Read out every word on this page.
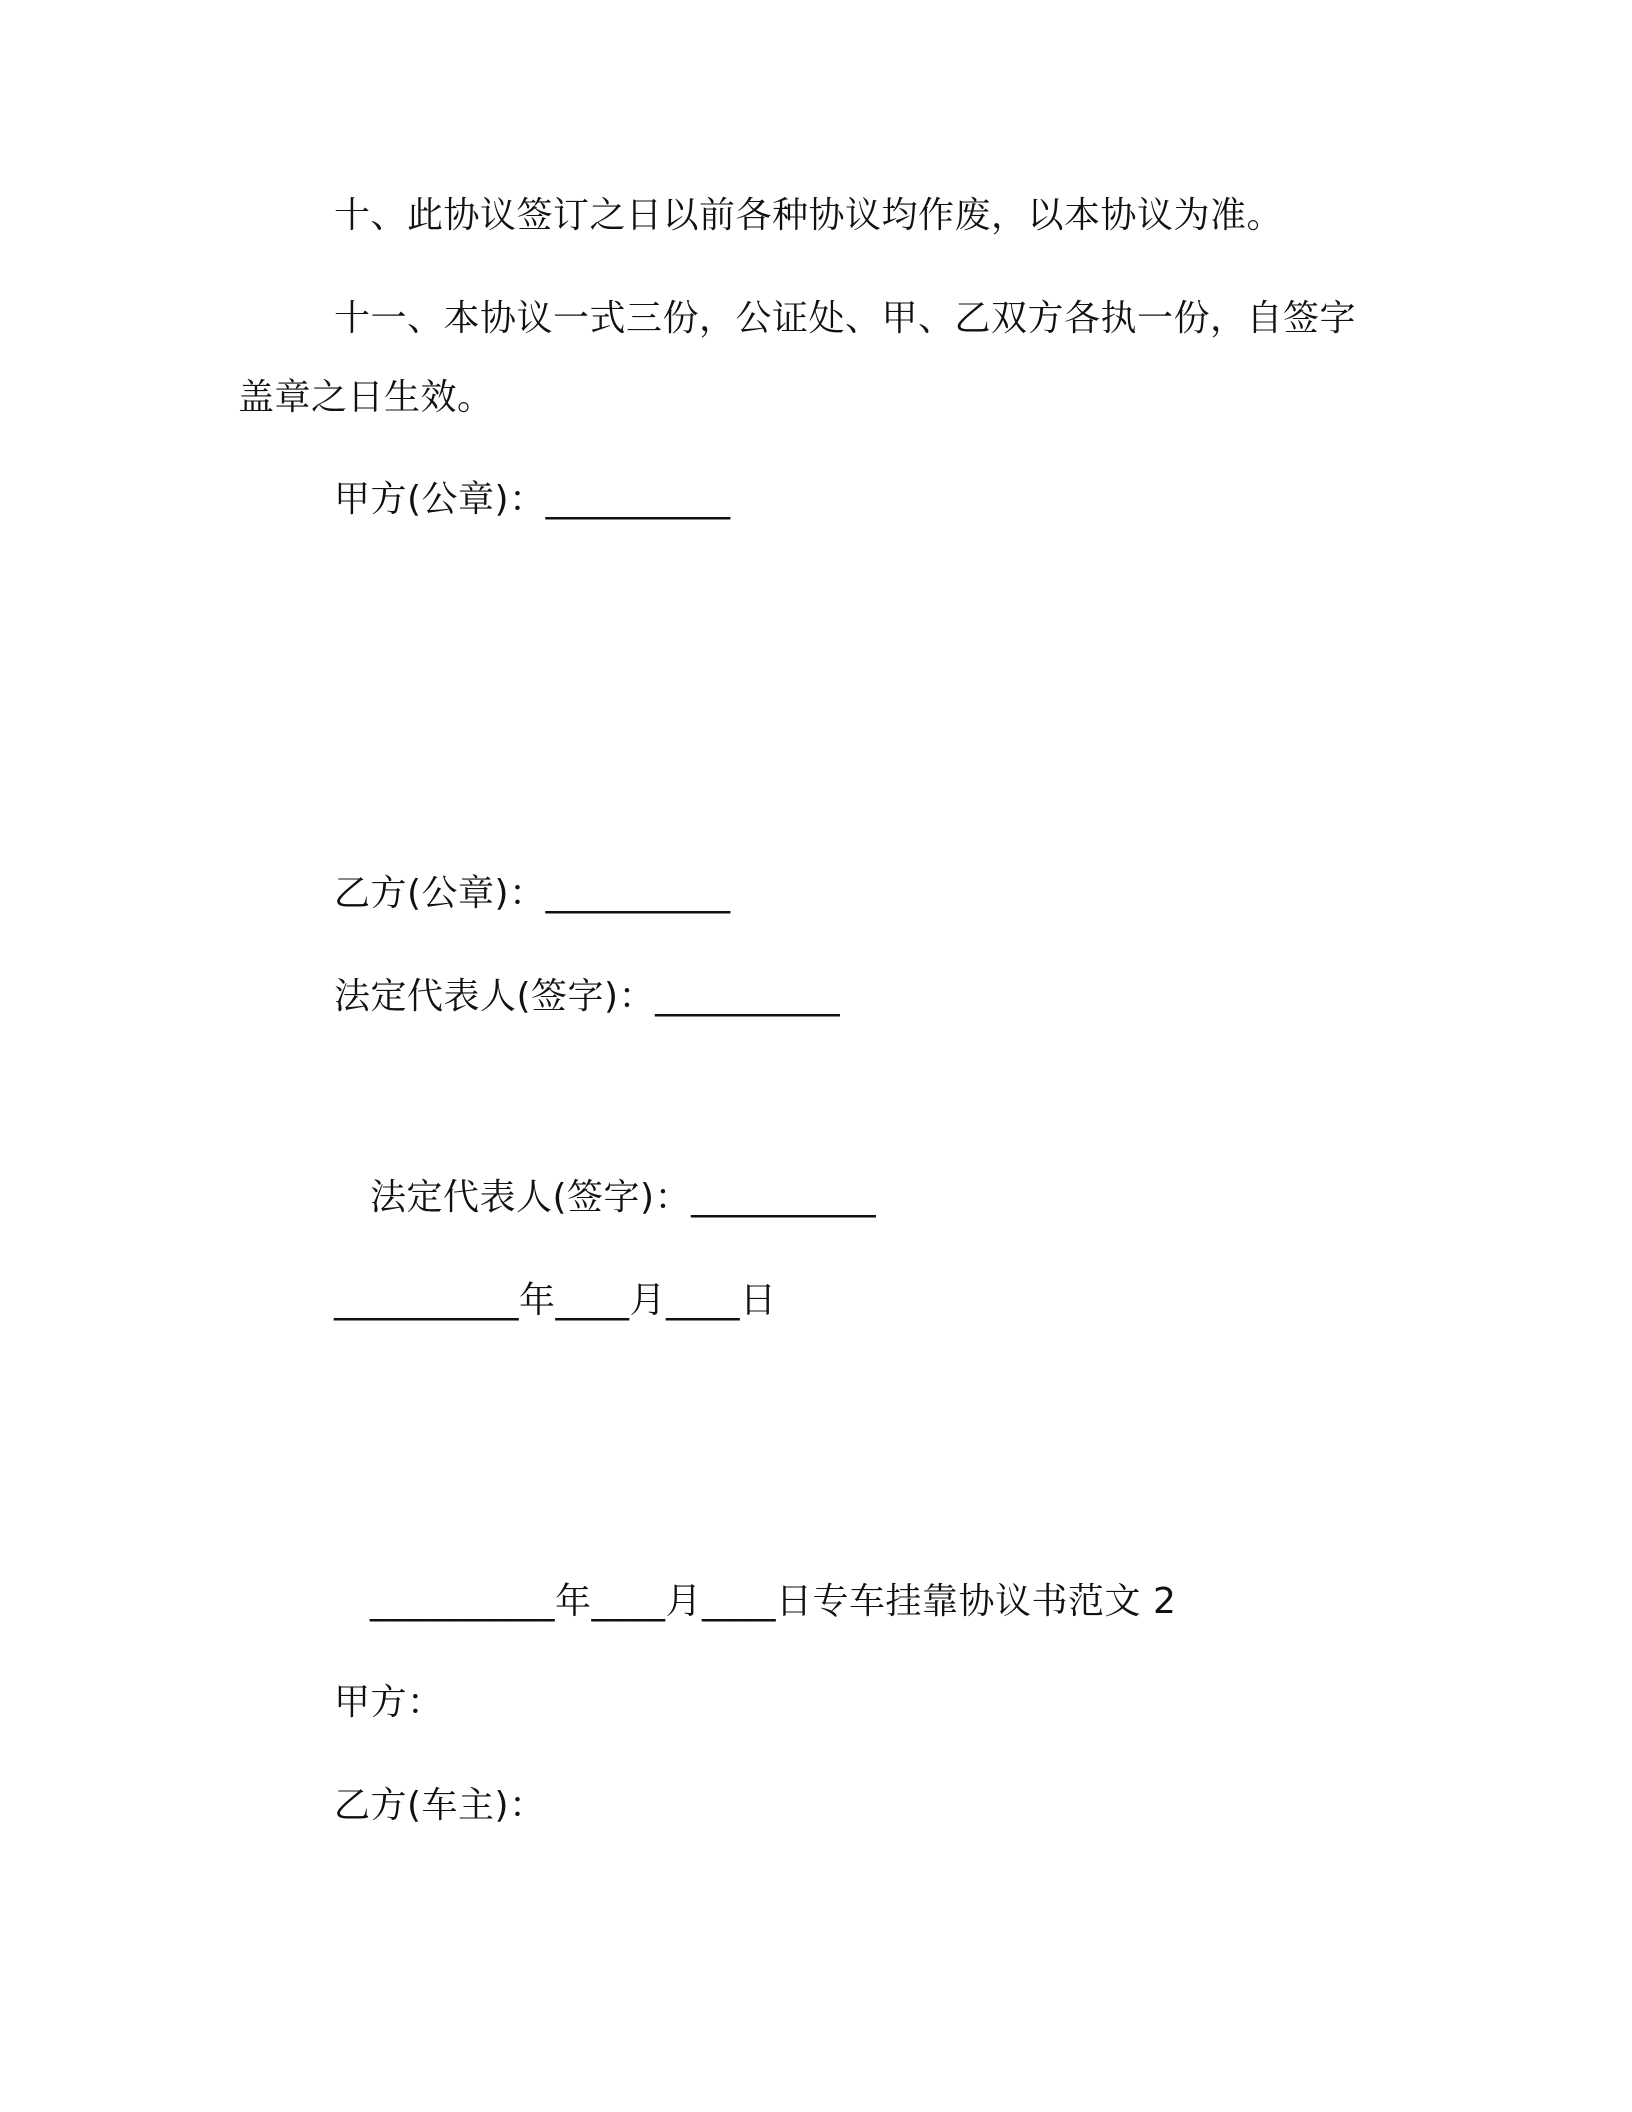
十、此协议签订之日以前各种协议均作废，以本协议为准。

十一、本协议一式三份，公证处、甲、乙双方各执一份，自签字

盖章之日生效。

甲方(公章)：__________

乙方(公章)：__________

法定代表人(签字)：__________

法定代表人(签字)：__________

__________年____月____日

__________年____月____日专车挂靠协议书范文 2

甲方：

乙方(车主)：
